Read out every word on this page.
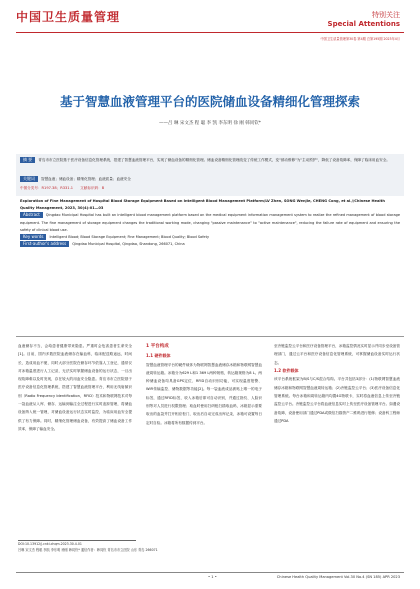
中国卫生质量管理	特别关注
Special Attentions
中国卫生质量管理第30卷 第4期 总第195期 2023年4月
基于智慧血液管理平台的医院储血设备精细化管理探索
——吕 琳 宋文杰 程 聪 李 凯 李东明 徐 刚 韩同钦*
摘 要 青岛市市立医院基于医疗设备信息化管理系统，搭建了智慧血液管理平台，实现了储血设备的精细化管理。储血设备精细化管理改变了传统工作模式，变"被动维修"为"主动预护"，降低了设备故障率，保障了临床用血安全。
关键词 智慧血液；储血设备；精细化管理；血液质量；血液安全
中图分类号：R197.38；R331.1 文献标识码：B
Exploration of Fine Management of Hospital Blood Storage Equipment Based on Intelligent Blood Management Platform/LV Zhen, SONG Wenjie, CHENG Cong, et al.//Chinese Health Quality Management, 2023, 30(4):01—03
Abstract Qingdao Municipal Hospital has built an intelligent blood management platform based on the medical equipment information management system to realize the refined management of blood storage equipment. The fine management of storage equipment changes the traditional working mode, changing "passive maintenance" to "active maintenance", reducing the failure rate of equipment and ensuring the safety of clinical blood use.
Key words Intelligent Blood; Blood Storage Equipment; Fine Management; Blood Quality; Blood Safety
First-author's address Qingdao Municipal Hospital, Qingdao, Shandong, 266071, China
血液储存不当，会给患者健康带来隐患。严重时会危害患者生命安全[1]。目前，国内多数医院血液储存在输血科，临床配送路途远，时间长，造成用血不便，同时大部分医院在储存环节依靠人工登记，通常仅对冰箱温度进行人工记录，无法实时掌握储血设备的运行状态，一旦出现故障难以及时发现，存在较大的用血安全隐患。青岛市市立医院基于医疗设备信息化管理系统，搭建了智慧血液管理平台，利用无线射频识别（Radio Frequency Identification，RFID）技术和物联网技术对每一袋血液从入库、储存、运输到输注全过程进行实时追踪管理，将储血设备纳入统一管理，对储血设备运行状态实时监控，为临床用血安全提供了有力保障。同时，精细化管理储血设备，有效提高了储血设备工作效率，保障了输血安全。
1 平台构成
1.1 硬件载体
智慧血液管理平台的硬件载体为物联网智慧血液储存冰箱和物联网智慧血液周转运箱。冰箱分为629 L和1 369 L两种规格，转运箱规格为8 L。两种储血设备均具备GPS定位、RFID自动识别功能，可实现温度报警、WiFi传输监控、储物数据等功能[2]。每一袋血液成品被贴上唯一的电子标签，通过RFID标签，收入冰箱后即可自动识别，并通过指纹、人脸识别等对人员进行权限管理；取血时使用扫码枪扫描取血码，冰箱显示需要取出的血袋并打开相应柜门，取出后自动完成出库记录，冰箱可设置每日定时自检。冰箱将所有数据传到平台。
至冷链监控云平台和医疗设备管理平台，冰箱监控情况实时显示并同步至设备管理部门，通过云平台和医疗设备信息化管理系统，可掌握储血设备实时运行状态。
1.2 软件载体
该平台系统框架为B/S与C/S混合结构。平台共包括3部分：(1)物联网智慧血液储存冰箱和物联网智慧血液周转运箱；(2)冷链监控云平台；(3)医疗设备信息化管理系统。每台冰箱和周转运箱内均置4G物联卡，实时将血液信息上传至冷链监控云平台。冷链监控云平台将血液信息实时上传至医疗设备管理平台。如遇设备故障，设备使用部门通过PDA或微信扫描资产二维码进行报修；设备科工程师通过PDA
DOI:10.13912/j.cnki.chqm.2023.30.4.01
吕琳 宋文杰 程聪 李凯 李东明 徐刚 韩同钦* 通信作者：韩同钦 青岛市市立医院 山东 青岛 266071
• 1 •	Chinese Health Quality Management Vol.30 No.4 (SN 185) APR 2023
